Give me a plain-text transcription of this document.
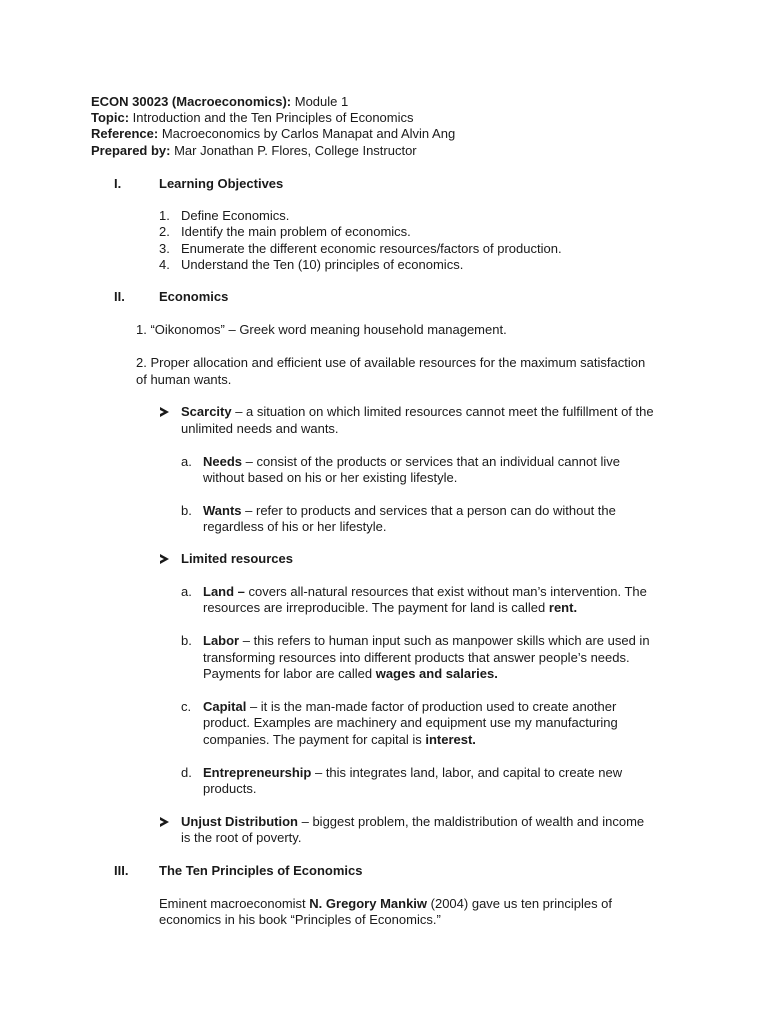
ECON 30023 (Macroeconomics): Module 1
Topic: Introduction and the Ten Principles of Economics
Reference: Macroeconomics by Carlos Manapat and Alvin Ang
Prepared by: Mar Jonathan P. Flores, College Instructor
I.	Learning Objectives
1. Define Economics.
2. Identify the main problem of economics.
3. Enumerate the different economic resources/factors of production.
4. Understand the Ten (10) principles of economics.
II.	Economics
1. “Oikonomos” – Greek word meaning household management.
2. Proper allocation and efficient use of available resources for the maximum satisfaction
of human wants.
Scarcity – a situation on which limited resources cannot meet the fulfillment of the
unlimited needs and wants.
a. Needs – consist of the products or services that an individual cannot live
without based on his or her existing lifestyle.
b. Wants – refer to products and services that a person can do without the
regardless of his or her lifestyle.
Limited resources
a. Land – covers all-natural resources that exist without man’s intervention. The
resources are irreproducible. The payment for land is called rent.
b. Labor – this refers to human input such as manpower skills which are used in
transforming resources into different products that answer people’s needs.
Payments for labor are called wages and salaries.
c. Capital – it is the man-made factor of production used to create another
product. Examples are machinery and equipment use my manufacturing
companies. The payment for capital is interest.
d. Entrepreneurship – this integrates land, labor, and capital to create new
products.
Unjust Distribution – biggest problem, the maldistribution of wealth and income
is the root of poverty.
III. The Ten Principles of Economics
Eminent macroeconomist N. Gregory Mankiw (2004) gave us ten principles of
economics in his book “Principles of Economics.”
